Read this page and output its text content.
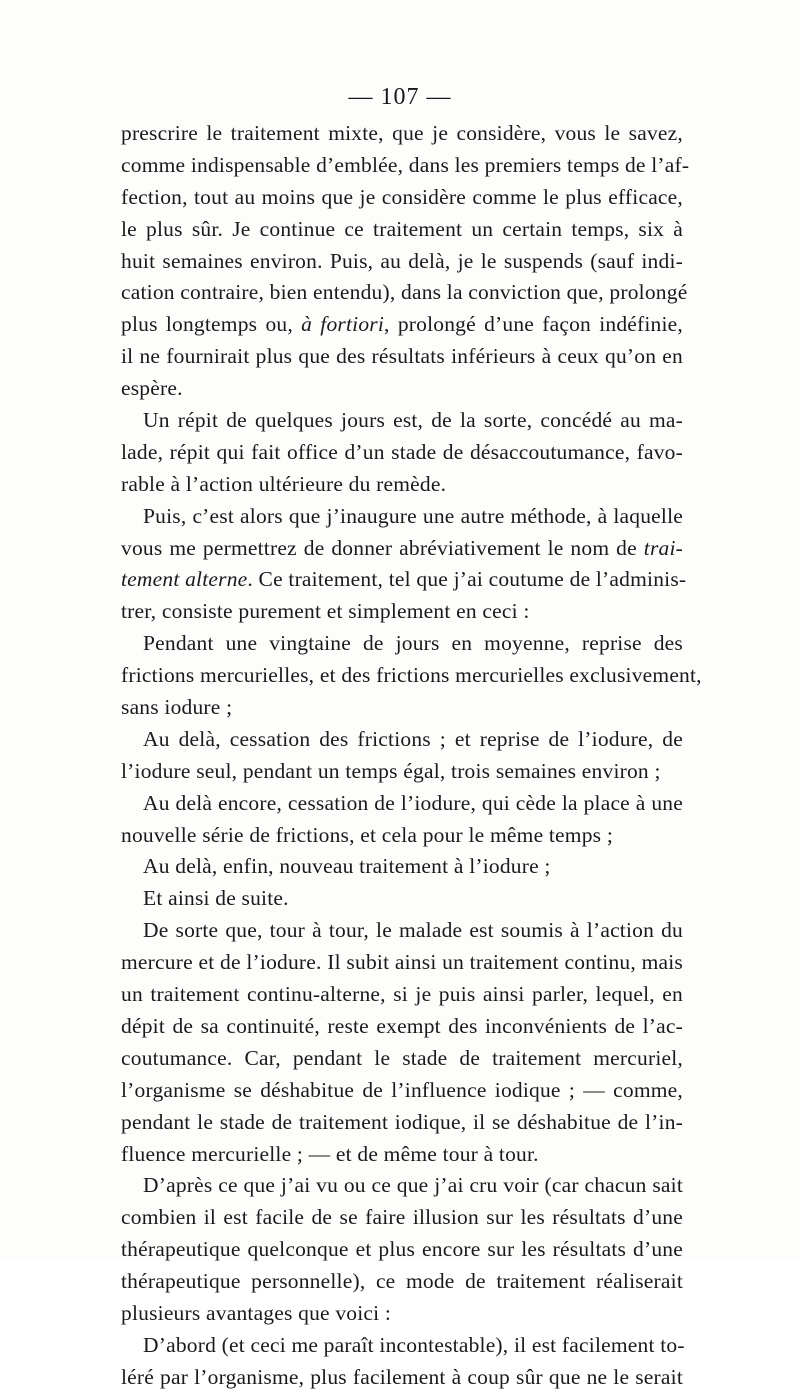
— 107 —
prescrire le traitement mixte, que je considère, vous le savez,
comme indispensable d’emblée, dans les premiers temps de l’af-
fection, tout au moins que je considère comme le plus efficace,
le plus sûr. Je continue ce traitement un certain temps, six à
huit semaines environ. Puis, au delà, je le suspends (sauf indi-
cation contraire, bien entendu), dans la conviction que, prolongé
plus longtemps ou, à fortiori, prolongé d’une façon indéfinie,
il ne fournirait plus que des résultats inférieurs à ceux qu’on en
espère.
Un répit de quelques jours est, de la sorte, concédé au ma-
lade, répit qui fait office d’un stade de désaccoutumance, favo-
rable à l’action ultérieure du remède.
Puis, c’est alors que j’inaugure une autre méthode, à laquelle
vous me permettrez de donner abréviativement le nom de trai-
tement alterne. Ce traitement, tel que j’ai coutume de l’adminis-
trer, consiste purement et simplement en ceci :
Pendant une vingtaine de jours en moyenne, reprise des
frictions mercurielles, et des frictions mercurielles exclusivement,
sans iodure ;
Au delà, cessation des frictions ; et reprise de l’iodure, de
l’iodure seul, pendant un temps égal, trois semaines environ ;
Au delà encore, cessation de l’iodure, qui cède la place à une
nouvelle série de frictions, et cela pour le même temps ;
Au delà, enfin, nouveau traitement à l’iodure ;
Et ainsi de suite.
De sorte que, tour à tour, le malade est soumis à l’action du
mercure et de l’iodure. Il subit ainsi un traitement continu, mais
un traitement continu-alterne, si je puis ainsi parler, lequel, en
dépit de sa continuité, reste exempt des inconvénients de l’ac-
coutumance. Car, pendant le stade de traitement mercuriel,
l’organisme se déshabitue de l’influence iodique ; — comme,
pendant le stade de traitement iodique, il se déshabitue de l’in-
fluence mercurielle ; — et de même tour à tour.
D’après ce que j’ai vu ou ce que j’ai cru voir (car chacun sait
combien il est facile de se faire illusion sur les résultats d’une
thérapeutique quelconque et plus encore sur les résultats d’une
thérapeutique personnelle), ce mode de traitement réaliserait
plusieurs avantages que voici :
D’abord (et ceci me paraît incontestable), il est facilement to-
léré par l’organisme, plus facilement à coup sûr que ne le serait
